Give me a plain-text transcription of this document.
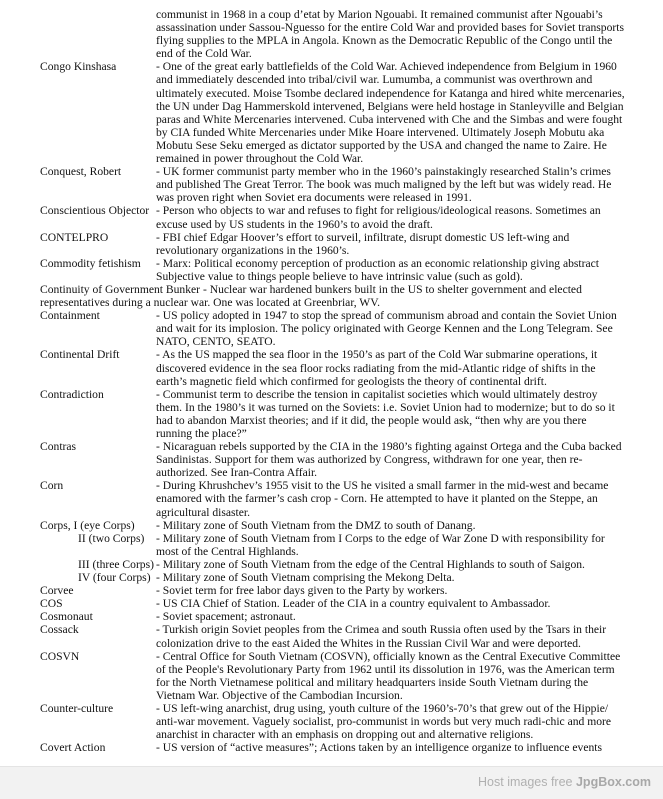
communist in 1968 in a coup d’etat by Marion Ngouabi. It remained communist after Ngouabi’s assassination under Sassou-Nguesso for the entire Cold War and provided bases for Soviet transports flying supplies to the MPLA in Angola. Known as the Democratic Republic of the Congo until the end of the Cold War.
Congo Kinshasa	- One of the great early battlefields of the Cold War. Achieved independence from Belgium in 1960 and immediately descended into tribal/civil war. Lumumba, a communist was overthrown and ultimately executed. Moise Tsombe declared independence for Katanga and hired white mercenaries, the UN under Dag Hammerskold intervened, Belgians were held hostage in Stanleyville and Belgian paras and White Mercenaries intervened. Cuba intervened with Che and the Simbas and were fought by CIA funded White Mercenaries under Mike Hoare intervened. Ultimately Joseph Mobutu aka Mobutu Sese Seku emerged as dictator supported by the USA and changed the name to Zaire. He remained in power throughout the Cold War.
Conquest, Robert	- UK former communist party member who in the 1960’s painstakingly researched Stalin’s crimes and published The Great Terror. The book was much maligned by the left but was widely read. He was proven right when Soviet era documents were released in 1991.
Conscientious Objector - Person who objects to war and refuses to fight for religious/ideological reasons. Sometimes an excuse used by US students in the 1960’s to avoid the draft.
CONTELPRO	- FBI chief Edgar Hoover’s effort to surveil, infiltrate, disrupt domestic US left-wing and revolutionary organizations in the 1960’s.
Commodity fetishism	- Marx: Political economy perception of production as an economic relationship giving abstract Subjective value to things people believe to have intrinsic value (such as gold).
Continuity of Government Bunker - Nuclear war hardened bunkers built in the US to shelter government and elected representatives during a nuclear war. One was located at Greenbriar, WV.
Containment	- US policy adopted in 1947 to stop the spread of communism abroad and contain the Soviet Union and wait for its implosion. The policy originated with George Kennen and the Long Telegram. See NATO, CENTO, SEATO.
Continental Drift	- As the US mapped the sea floor in the 1950’s as part of the Cold War submarine operations, it discovered evidence in the sea floor rocks radiating from the mid-Atlantic ridge of shifts in the earth’s magnetic field which confirmed for geologists the theory of continental drift.
Contradiction	- Communist term to describe the tension in capitalist societies which would ultimately destroy them. In the 1980’s it was turned on the Soviets: i.e. Soviet Union had to modernize; but to do so it had to abandon Marxist theories; and if it did, the people would ask, “then why are you there running the place?”
Contras	- Nicaraguan rebels supported by the CIA in the 1980’s fighting against Ortega and the Cuba backed Sandinistas. Support for them was authorized by Congress, withdrawn for one year, then re-authorized. See Iran-Contra Affair.
Corn	- During Khrushchev’s 1955 visit to the US he visited a small farmer in the mid-west and became enamored with the farmer’s cash crop - Corn. He attempted to have it planted on the Steppe, an agricultural disaster.
Corps, I (eye Corps)	- Military zone of South Vietnam from the DMZ to south of Danang.
II (two Corps)	- Military zone of South Vietnam from I Corps to the edge of War Zone D with responsibility for most of the Central Highlands.
III (three Corps) - Military zone of South Vietnam from the edge of the Central Highlands to south of Saigon.
IV (four Corps) - Military zone of South Vietnam comprising the Mekong Delta.
Corvee	- Soviet term for free labor days given to the Party by workers.
COS	- US CIA Chief of Station. Leader of the CIA in a country equivalent to Ambassador.
Cosmonaut	- Soviet spacement; astronaut.
Cossack	- Turkish origin Soviet peoples from the Crimea and south Russia often used by the Tsars in their colonization drive to the east Aided the Whites in the Russian Civil War and were deported.
COSVN	- Central Office for South Vietnam (COSVN), officially known as the Central Executive Committee of the People's Revolutionary Party from 1962 until its dissolution in 1976, was the American term for the North Vietnamese political and military headquarters inside South Vietnam during the Vietnam War. Objective of the Cambodian Incursion.
Counter-culture	- US left-wing anarchist, drug using, youth culture of the 1960’s-70’s that grew out of the Hippie/ anti-war movement. Vaguely socialist, pro-communist in words but very much radi-chic and more anarchist in character with an emphasis on dropping out and alternative religions.
Covert Action	- US version of “active measures”; Actions taken by an intelligence organize to influence events
Host images free JpgBox.com
